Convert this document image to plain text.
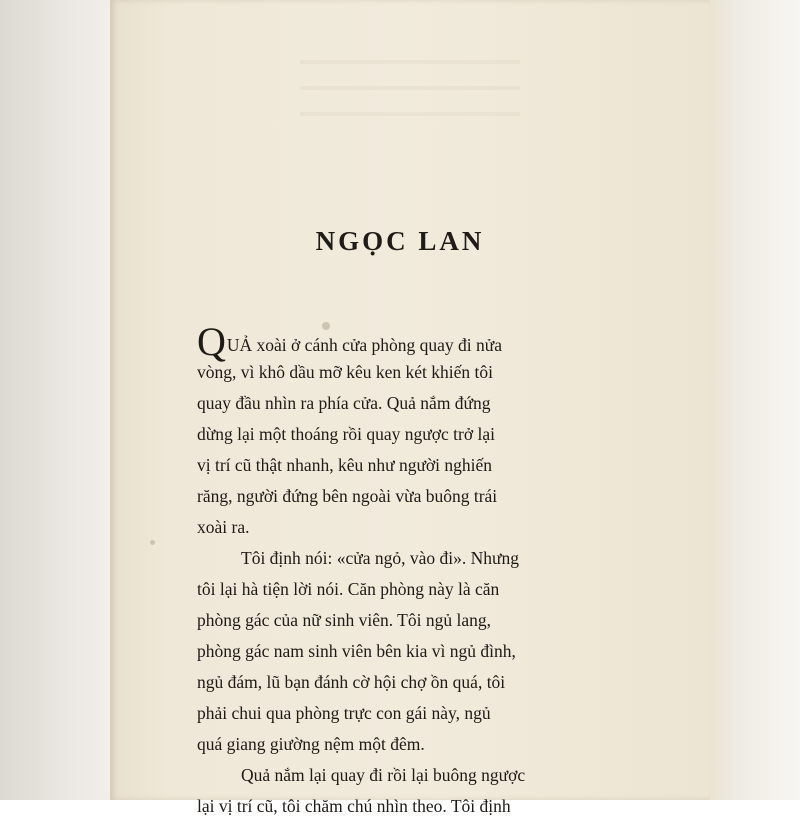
NGỌC LAN
QUẢ xoài ở cánh cửa phòng quay đi nửa
vòng, vì khô dầu mỡ kêu ken két khiến tôi
quay đầu nhìn ra phía cửa. Quả nắm đứng
dừng lại một thoáng rồi quay ngược trở lại
vị trí cũ thật nhanh, kêu như người nghiến
răng, người đứng bên ngoài vừa buông trái
xoài ra.
Tôi định nói: «cửa ngỏ, vào đi». Nhưng
tôi lại hà tiện lời nói. Căn phòng này là căn
phòng gác của nữ sinh viên. Tôi ngủ lang,
phòng gác nam sinh viên bên kia vì ngủ đình,
ngủ đám, lũ bạn đánh cờ hội chợ ồn quá, tôi
phải chui qua phòng trực con gái này, ngủ
quá giang giường nệm một đêm.
Quả nắm lại quay đi rồi lại buông ngược
lại vị trí cũ, tôi chăm chú nhìn theo. Tôi định
